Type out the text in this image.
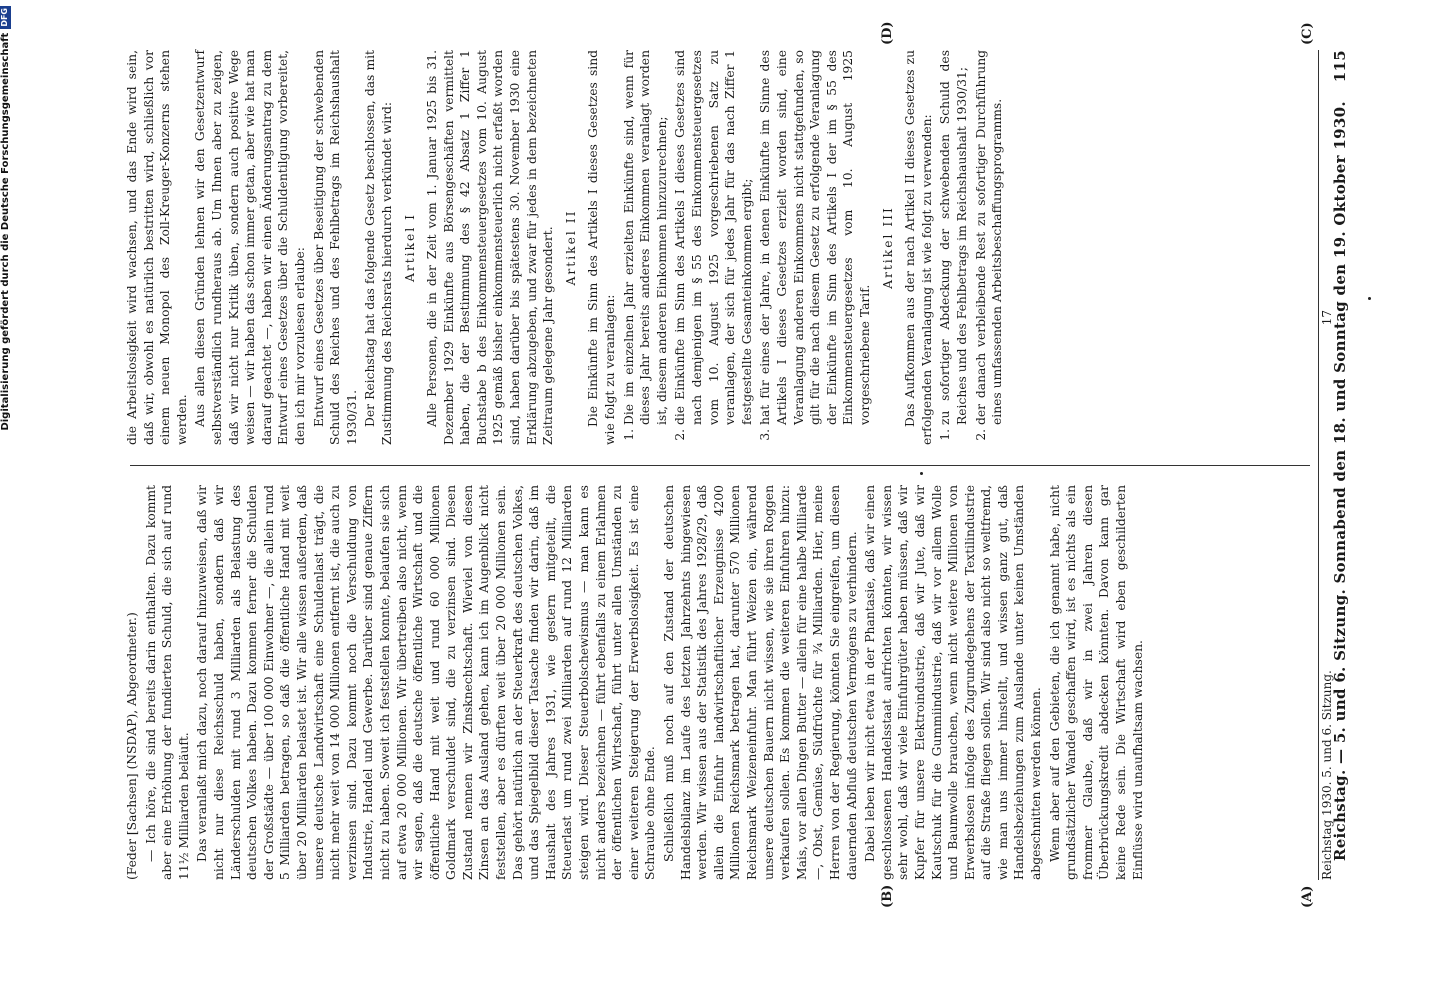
Digitalisierung gefördert durch die Deutsche Forschungsgemeinschaft
DFG
Reichstag. — 5. und 6. Sitzung. Sonnabend den 18. und Sonntag den 19. Oktober 1930.
115
(A)
(B)
(C)
(D)

(Feder [Sachsen] (NSDAP), Abgeordneter.) — Ich höre, die sind bereits darin enthalten. Dazu kommt aber eine Erhöhung der fundierten Schuld, die sich auf rund 11½ Milliarden beläuft. Das veranlaßt mich dazu, noch darauf hinzuweisen, daß wir nicht nur diese Reichsschuld haben, sondern daß wir Länderschulden mit rund 3 Milliarden als Belastung des deutschen Volkes haben. Dazu kommen ferner die Schulden der Großstädte — über 100 000 Einwohner —, die allein rund 5 Milliarden betragen, so daß die öffentliche Hand mit weit über 20 Milliarden belastet ist. Wir alle wissen außerdem, daß unsere deutsche Landwirtschaft eine Schuldenlast trägt, die nicht mehr weit von 14 000 Millionen entfernt ist, die auch zu verzinsen sind. Dazu kommt noch die Verschuldung von Industrie, Handel und Gewerbe. Darüber sind genaue Ziffern nicht zu haben. Soweit ich feststellen konnte, belaufen sie sich auf etwa 20 000 Millionen. Wir übertreiben also nicht, wenn wir sagen, daß die deutsche öffentliche Wirtschaft und die öffentliche Hand mit weit und rund 60 000 Millionen Goldmark verschuldet sind, die zu verzinsen sind. Diesen Zustand nennen wir Zinsknechtschaft. Wieviel von diesen Zinsen an das Ausland gehen, kann ich im Augenblick nicht feststellen, aber es dürften weit über 20 000 Millionen sein. Das gehört natürlich an der Steuerkraft des deutschen Volkes, und das Spiegelbild dieser Tatsache finden wir darin, daß im Haushalt des Jahres 1931, wie gestern mitgeteilt, die Steuerlast um rund zwei Milliarden auf rund 12 Milliarden steigen wird. Dieser Steuerbolschewismus — man kann es nicht anders bezeichnen — führt ebenfalls zu einem Erlahmen der öffentlichen Wirtschaft, führt unter allen Umständen zu einer weiteren Steigerung der Erwerbslosigkeit. Es ist eine Schraube ohne Ende. Schließlich muß noch auf den Zustand der deutschen Handelsbilanz im Laufe des letzten Jahrzehnts hingewiesen werden. Wir wissen aus der Statistik des Jahres 1928/29, daß allein die Einfuhr landwirtschaftlicher Erzeugnisse 4200 Millionen Reichsmark betragen hat, darunter 570 Millionen Reichsmark Weizeneinfuhr. Man führt Weizen ein, während unsere deutschen Bauern nicht wissen, wie sie ihren Roggen verkaufen sollen. Es kommen die weiteren Einfuhren hinzu: Mais, vor allen Dingen Butter — allein für eine halbe Milliarde —, Obst, Gemüse, Südfrüchte für ¾ Milliarden. Hier, meine Herren von der Regierung, könnten Sie eingreifen, um diesen dauernden Abfluß deutschen Vermögens zu verhindern. Dabei leben wir nicht etwa in der Phantasie, daß wir einen geschlossenen Handelsstaat aufrichten könnten, wir wissen sehr wohl, daß wir viele Einfuhrgüter haben müssen, daß wir Kupfer für unsere Elektroindustrie, daß wir Jute, daß wir Kautschuk für die Gummiindustrie, daß wir vor allem Wolle und Baumwolle brauchen, wenn nicht weitere Millionen von Erwerbslosen infolge des Zugrundegehens der Textilindustrie auf die Straße fliegen sollen. Wir sind also nicht so weltfremd, wie man uns immer hinstellt, und wissen ganz gut, daß Handelsbeziehungen zum Auslande unter keinen Umständen abgeschnitten werden können. Wenn aber auf den Gebieten, die ich genannt habe, nicht grundsätzlicher Wandel geschaffen wird, ist es nichts als ein frommer Glaube, daß wir in zwei Jahren diesen Überbrückungskredit abdecken könnten. Davon kann gar keine Rede sein. Die Wirtschaft wird eben geschilderten Einflüsse wird unaufhaltsam wachsen.

die Arbeitslosigkeit wird wachsen, und das Ende wird sein, daß wir, obwohl es natürlich bestritten wird, schließlich vor einem neuen Monopol des Zoll-Kreuger-Konzerns stehen werden. Aus allen diesen Gründen lehnen wir den Gesetzentwurf selbstverständlich rundheraus ab. Um Ihnen aber zu zeigen, daß wir nicht nur Kritik üben, sondern auch positive Wege weisen — wir haben das schon immer getan, aber wie hat man darauf geachtet —, haben wir einen Änderungsantrag zu dem Entwurf eines Gesetzes über die Schuldentilgung vorbereitet, den ich mir vorzulesen erlaube: Entwurf eines Gesetzes über Beseitigung der schwebenden Schuld des Reiches und des Fehlbetrags im Reichshaushalt 1930/31. Der Reichstag hat das folgende Gesetz beschlossen, das mit Zustimmung des Reichsrats hierdurch verkündet wird: Artikel I Alle Personen, die in der Zeit vom 1. Januar 1925 bis 31. Dezember 1929 Einkünfte aus Börsengeschäften vermittelt haben, die der Bestimmung des § 42 Absatz 1 Ziffer 1 Buchstabe b des Einkommensteuergesetzes vom 10. August 1925 gemäß bisher einkommensteuerlich nicht erfaßt worden sind, haben darüber bis spätestens 30. November 1930 eine Erklärung abzugeben, und zwar für jedes in dem bezeichneten Zeitraum gelegene Jahr gesondert. Artikel II Die Einkünfte im Sinn des Artikels I dieses Gesetzes sind wie folgt zu veranlagen: 1. Die im einzelnen Jahr erzielten Einkünfte sind, wenn für dieses Jahr bereits anderes Einkommen veranlagt worden ist, diesem anderen Einkommen hinzuzurechnen; 2. die Einkünfte im Sinn des Artikels I dieses Gesetzes sind nach demjenigen im § 55 des Einkommensteuergesetzes vom 10. August 1925 vorgeschriebenen Satz zu veranlagen, der sich für jedes Jahr für das nach Ziffer 1 festgestellte Gesamteinkommen ergibt; 3. hat für eines der Jahre, in denen Einkünfte im Sinne des Artikels I dieses Gesetzes erzielt worden sind, eine Veranlagung anderen Einkommens nicht stattgefunden, so gilt für die nach diesem Gesetz zu erfolgende Veranlagung der Einkünfte im Sinn des Artikels I der im § 55 des Einkommensteuergesetzes vom 10. August 1925 vorgeschriebene Tarif.

Artikel III Das Aufkommen aus der nach Artikel II dieses Gesetzes zu erfolgenden Veranlagung ist wie folgt zu verwenden: 1. zu sofortiger Abdeckung der schwebenden Schuld des Reiches und des Fehlbetrags im Reichshaushalt 1930/31; 2. der danach verbleibende Rest zu sofortiger Durchführung eines umfassenden Arbeitsbeschaffungsprogramms.
Reichstag 1930. 5. und 6. Sitzung.
17
